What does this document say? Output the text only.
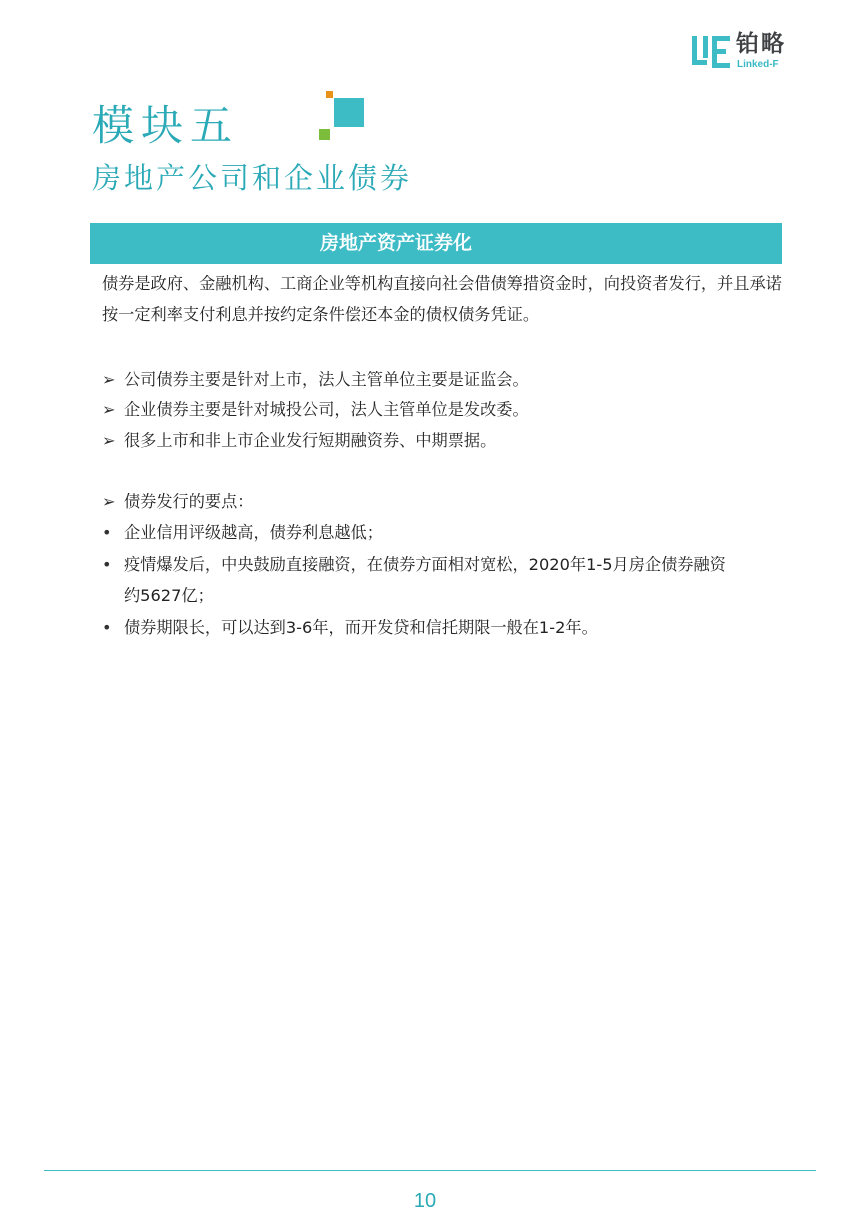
铂略
Linked-F
模块五
房地产公司和企业债券
房地产资产证券化
债券是政府、金融机构、工商企业等机构直接向社会借债筹措资金时，向投资者发行，并且承诺按一定利率支付利息并按约定条件偿还本金的债权债务凭证。
➢ 公司债券主要是针对上市，法人主管单位主要是证监会。
➢ 企业债券主要是针对城投公司，法人主管单位是发改委。
➢ 很多上市和非上市企业发行短期融资券、中期票据。
➢ 债券发行的要点：
• 企业信用评级越高，债券利息越低；
• 疫情爆发后，中央鼓励直接融资，在债券方面相对宽松，2020年1-5月房企债券融资
约5627亿；
• 债券期限长，可以达到3-6年，而开发贷和信托期限一般在1-2年。
10
